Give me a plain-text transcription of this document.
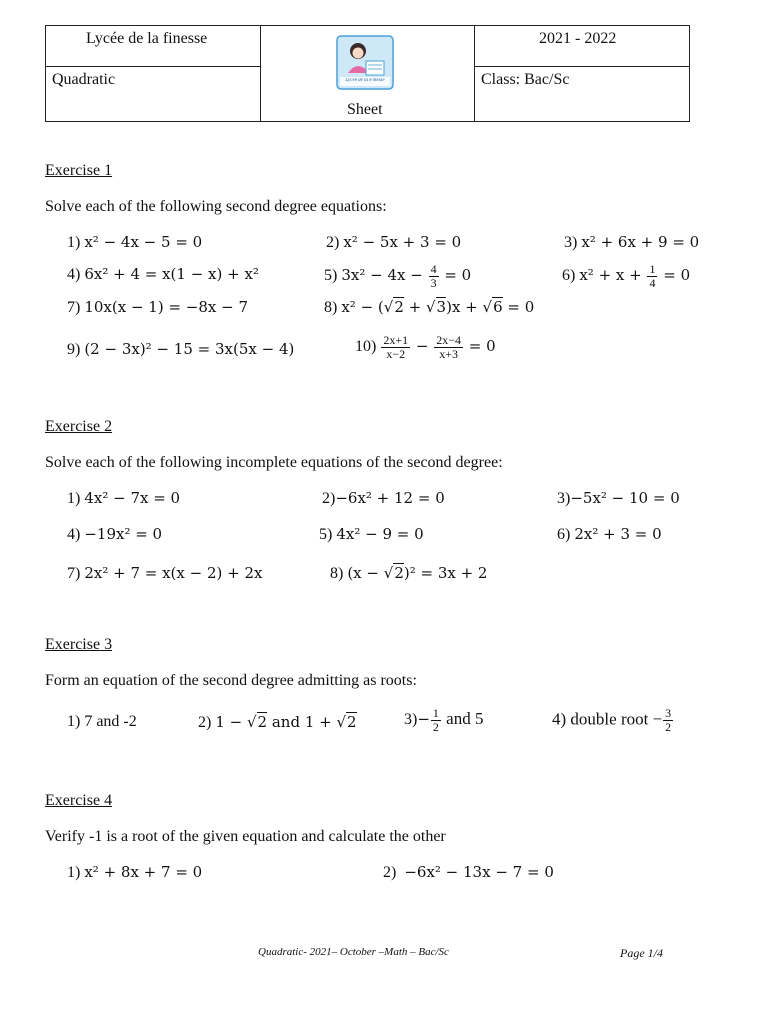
Lycée de la finesse	2021 - 2022
Quadratic	Class: Bac/Sc
Sheet
Lycée de la Finesse
Exercise 1
Solve each of the following second degree equations:
1) x² − 4x − 5 = 0	2) x² − 5x + 3 = 0	3) x² + 6x + 9 = 0
4) 6x² + 4 = x(1 − x) + x²	5) $3x^2 - 4x - \frac{4}{3} = 0$	6) $x^2 + x + \frac{1}{4} = 0$
7) 10x(x − 1) = −8x − 7	8) x² − (√2 + √3)x + √6 = 0
9) (2 − 3x)² − 15 = 3x(5x − 4)	$10) \frac{2x+1}{x-2} - \frac{2x-4}{x+3} = 0$
Exercise 2
Solve each of the following incomplete equations of the second degree:
1) 4x² − 7x = 0	2)−6x² + 12 = 0	3)−5x² − 10 = 0
4) −19x² = 0	5) 4x² − 9 = 0	6) 2x² + 3 = 0
7) 2x² + 7 = x(x − 2) + 2x	8) (x − √2)² = 3x + 2
Exercise 3
Form an equation of the second degree admitting as roots:
1) 7 and -2	2) 1 − √2 and 1 + √2	$3)- \frac{1}{2}$ and 5	4) double root − $\frac{3}{2}$
Exercise 4
Verify -1 is a root of the given equation and calculate the other
1) x² + 8x + 7 = 0	2) −6x² − 13x − 7 = 0
Quadratic- 2021– October –Math – Bac/Sc	Page 1/4
